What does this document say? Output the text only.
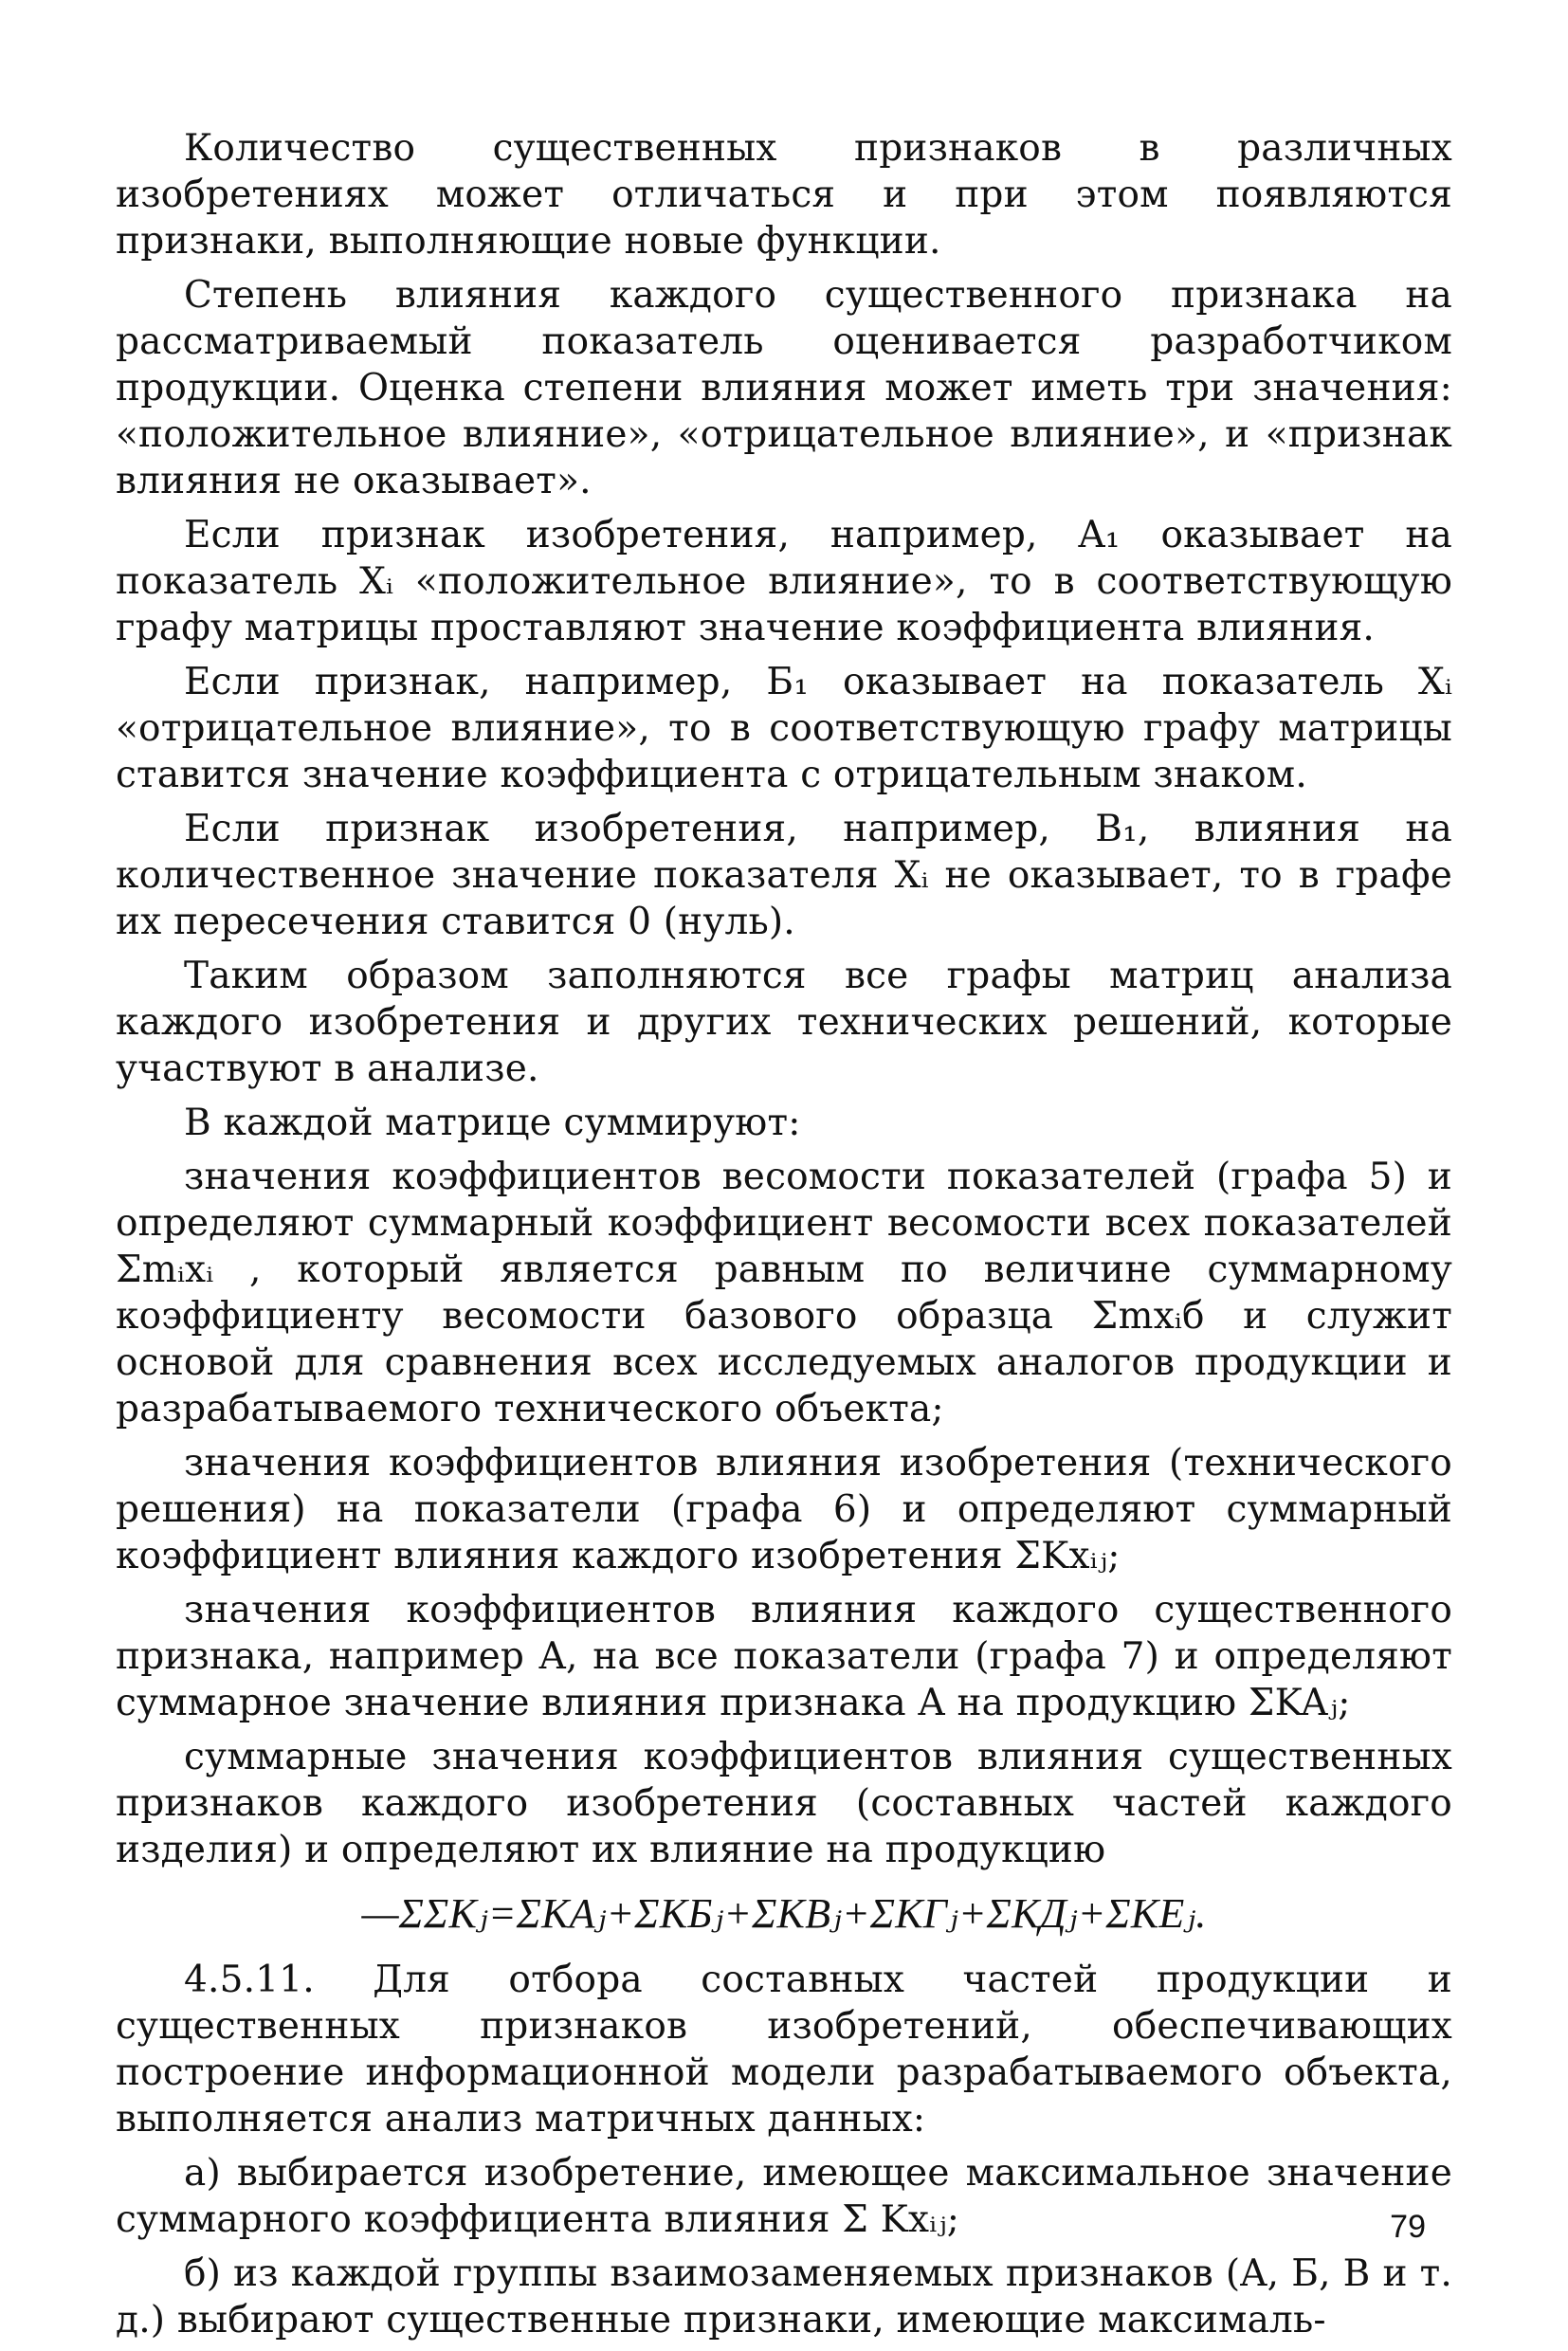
Количество существенных признаков в различных изобретениях может отличаться и при этом появляются признаки, выполняющие новые функции.

Степень влияния каждого существенного признака на рассматриваемый показатель оценивается разработчиком продукции. Оценка степени влияния может иметь три значения: «положительное влияние», «отрицательное влияние», и «признак влияния не оказывает».

Если признак изобретения, например, A₁ оказывает на показатель Xᵢ «положительное влияние», то в соответствующую графу матрицы проставляют значение коэффициента влияния.

Если признак, например, Б₁ оказывает на показатель Xᵢ «отрицательное влияние», то в соответствующую графу матрицы ставится значение коэффициента с отрицательным знаком.

Если признак изобретения, например, В₁, влияния на количественное значение показателя Xᵢ не оказывает, то в графе их пересечения ставится 0 (нуль).

Таким образом заполняются все графы матриц анализа каждого изобретения и других технических решений, которые участвуют в анализе.

В каждой матрице суммируют:

значения коэффициентов весомости показателей (графа 5) и определяют суммарный коэффициент весомости всех показателей Σmᵢxᵢ , который является равным по величине суммарному коэффициенту весомости базового образца Σmxᵢб и служит основой для сравнения всех исследуемых аналогов продукции и разрабатываемого технического объекта;

значения коэффициентов влияния изобретения (технического решения) на показатели (графа 6) и определяют суммарный коэффициент влияния каждого изобретения ΣKxᵢⱼ;

значения коэффициентов влияния каждого существенного признака, например A, на все показатели (графа 7) и определяют суммарное значение влияния признака A на продукцию ΣKAⱼ;

суммарные значения коэффициентов влияния существенных признаков каждого изобретения (составных частей каждого изделия) и определяют их влияние на продукцию

—ΣΣKⱼ=ΣKАⱼ+ΣKБⱼ+ΣKВⱼ+ΣKГⱼ+ΣKДⱼ+ΣKЕⱼ.

4.5.11. Для отбора составных частей продукции и существенных признаков изобретений, обеспечивающих построение информационной модели разрабатываемого объекта, выполняется анализ матричных данных:

а) выбирается изобретение, имеющее максимальное значение суммарного коэффициента влияния Σ Kxᵢⱼ;

б) из каждой группы взаимозаменяемых признаков (A, Б, В и т. д.) выбирают существенные признаки, имеющие максималь-

79
